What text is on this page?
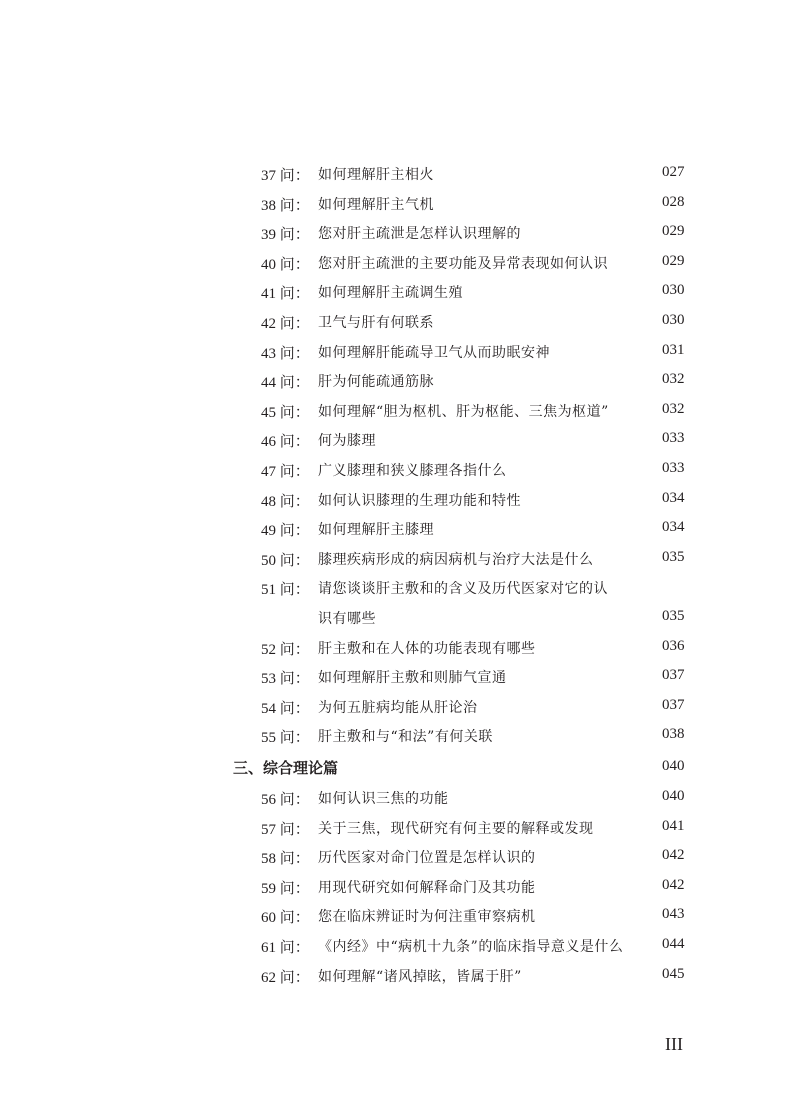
37 问： 如何理解肝主相火	027
38 问： 如何理解肝主气机	028
39 问： 您对肝主疏泄是怎样认识理解的	029
40 问： 您对肝主疏泄的主要功能及异常表现如何认识	029
41 问： 如何理解肝主疏调生殖	030
42 问： 卫气与肝有何联系	030
43 问： 如何理解肝能疏导卫气从而助眠安神	031
44 问： 肝为何能疏通筋脉	032
45 问： 如何理解“胆为枢机、肝为枢能、三焦为枢道”	032
46 问： 何为膝理	033
47 问： 广义膝理和狭义膝理各指什么	033
48 问： 如何认识膝理的生理功能和特性	034
49 问： 如何理解肝主膝理	034
50 问： 膝理疾病形成的病因病机与治疗大法是什么	035
51 问： 请您谈谈肝主敷和的含义及历代医家对它的认
识有哪些	035
52 问： 肝主敷和在人体的功能表现有哪些	036
53 问： 如何理解肝主敷和则肺气宣通	037
54 问： 为何五脏病均能从肝论治	037
55 问： 肝主敷和与“和法”有何关联	038
三、综合理论篇	040
56 问： 如何认识三焦的功能	040
57 问： 关于三焦，现代研究有何主要的解释或发现	041
58 问： 历代医家对命门位置是怎样认识的	042
59 问： 用现代研究如何解释命门及其功能	042
60 问： 您在临床辨证时为何注重审察病机	043
61 问： 《内经》中“病机十九条”的临床指导意义是什么	044
62 问： 如何理解“诸风掉眩，皆属于肝”	045
III
